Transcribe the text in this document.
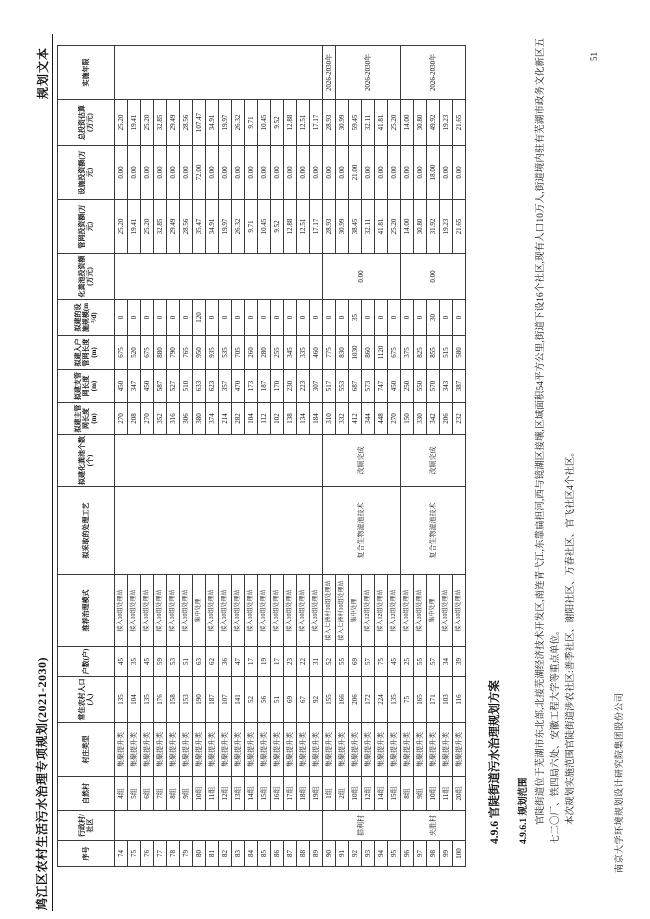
鸠江区农村生活污水治理专项规划(2021-2030)
规划文本
序号	行政村/社区	自然村	村庄类型	常住农村人口(人)	户数(户)	推荐治理模式	拟采取的处理工艺	拟建化粪池个数(个)	拟建主管网长度(m)	拟建支管网长度(m)	拟建入户管网长度(m)	拟建的设施规模(m³/d)	化粪池投资额(万元)	管网投资额(万元)	设施投资额(万元)	总投资估算(万元)	实施年限
74		4组	集聚提升类	135	45	接入10组处理站			270	450	675	0		25.20	0.00	25.20	
75		5组	集聚提升类	104	35	接入10组处理站			208	347	520	0		19.41	0.00	19.41	
76		6组	集聚提升类	135	45	接入10组处理站			270	450	675	0		25.20	0.00	25.20	
77		7组	集聚提升类	176	59	接入10组处理站			352	587	880	0		32.85	0.00	32.85	
78		8组	集聚提升类	158	53	接入10组处理站			316	527	790	0		29.49	0.00	29.49	
79		9组	集聚提升类	153	51	接入10组处理站			306	510	765	0		28.56	0.00	28.56	
80		10组	集聚提升类	190	63	集中处理			380	633	950	120		35.47	72.00	107.47	
81		11组	集聚提升类	187	62	接入10组处理站			374	623	935	0		34.91	0.00	34.91	
82		12组	集聚提升类	107	36	接入10组处理站			214	357	535	0		19.97	0.00	19.97	
83		13组	集聚提升类	141	47	接入10组处理站			282	470	705	0		26.32	0.00	26.32	
84		14组	集聚提升类	52	17	接入10组处理站			104	173	260	0		9.71	0.00	9.71	
85		15组	集聚提升类	56	19	接入10组处理站			112	187	280	0		10.45	0.00	10.45	
86		16组	集聚提升类	51	17	接入10组处理站			102	170	255	0		9.52	0.00	9.52	
87		17组	集聚提升类	69	23	接入10组处理站			138	230	345	0		12.88	0.00	12.88	
88		18组	集聚提升类	67	22	接入10组处理站			134	223	335	0		12.51	0.00	12.51	
89		19组	集聚提升类	92	31	接入10组处理站			184	307	460	0		17.17	0.00	17.17	
90	群利村	1组	集聚提升类	155	52	接入七洲村10组处理站	复合生物滤池技术	改厕完成	310	517	775	0	0.00	28.93	0.00	28.93	2026-2030年
91		2组	集聚提升类	166	55	接入七洲村10组处理站			332	553	830	0		30.99	0.00	30.99	2026-2030年
92		10组	集聚提升类	206	69	集中处理			412	687	1030	35		38.45	21.00	59.45	
93		12组	集聚提升类	172	57	接入12组处理站			344	573	860	0		32.11	0.00	32.11	
94		14组	集聚提升类	224	75	接入12组处理站			448	747	1120	0		41.81	0.00	41.81	
95		15组	集聚提升类	135	45	接入12组处理站			270	450	675	0		25.20	0.00	25.20	
96	夹胜村	8组	集聚提升类	75	25	接入10组处理站	复合生物滤池技术	改厕完成	150	250	375	0	0.00	14.00	0.00	14.00	2026-2030年
97		9组	集聚提升类	165	55	接入10组处理站			330	550	825	0		30.80	0.00	30.80	
98		10组	集聚提升类	171	57	集中处理			342	570	855	30		31.92	18.00	49.92	
99		11组	集聚提升类	103	34	接入10组处理站			206	343	515	0		19.23	0.00	19.23	
100		20组	集聚提升类	116	39	接入10组处理站			232	387	580	0		21.65	0.00	21.65	
4.9.6 官陡街道污水治理规划方案	4.9.6.1 规划范围 官陡街道位于芜湖市东北部,北接芜湖经济技术开发区,南连青弋江,东靠扁担河,西与镜湖区接壤,区域面积54平方公里,街道下设16个社区,现有人口10万人,街道境内驻有芜湖市政务文化新区五七二〇厂、铁四局六处、安徽工程大学等重点单位。 本次规划实施范围官陡街道涉农社区:善季社区、谢阳社区、万春社区、官飞社区4个社区。	南京大学环境规划设计研究院集团股份公司
51
